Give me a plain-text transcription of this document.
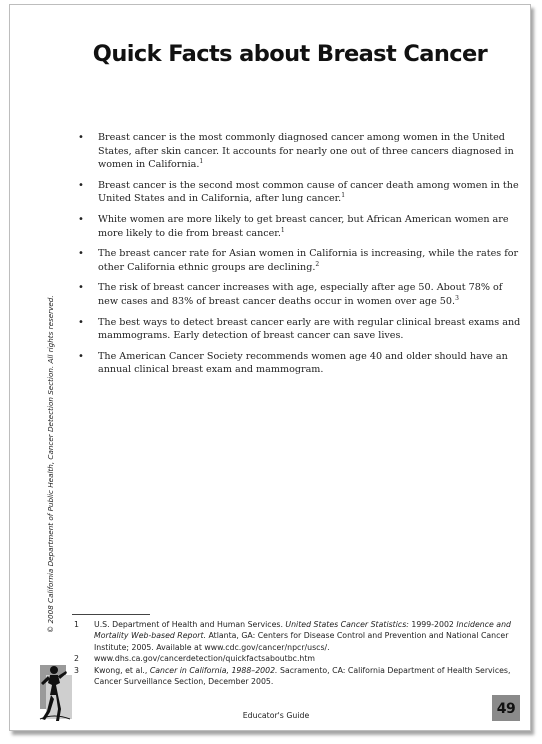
Quick Facts about Breast Cancer
• Breast cancer is the most commonly diagnosed cancer among women in the United States, after skin cancer. It accounts for nearly one out of three cancers diagnosed in women in California.$^1$
• Breast cancer is the second most common cause of cancer death among women in the United States and in California, after lung cancer.$^1$
• White women are more likely to get breast cancer, but African American women are more likely to die from breast cancer.$^1$
• The breast cancer rate for Asian women in California is increasing, while the rates for other California ethnic groups are declining.$^2$
• The risk of breast cancer increases with age, especially after age 50. About 78% of new cases and 83% of breast cancer deaths occur in women over age 50.$^3$
• The best ways to detect breast cancer early are with regular clinical breast exams and mammograms. Early detection of breast cancer can save lives.
• The American Cancer Society recommends women age 40 and older should have an annual clinical breast exam and mammogram.
© 2008 California Department of Public Health, Cancer Detection Section. All rights reserved. 1 U.S. Department of Health and Human Services. United States Cancer Statistics: 1999-2002 Incidence and Mortality Web-based Report. Atlanta, GA: Centers for Disease Control and Prevention and National Cancer Institute; 2005. Available at www.cdc.gov/cancer/npcr/uscs/.
2 www.dhs.ca.gov/cancerdetection/quickfactsaboutbc.htm
3 Kwong, et al., Cancer in California, 1988–2002. Sacramento, CA: California Department of Health Services, Cancer Surveillance Section, December 2005.
Educator's Guide	49
